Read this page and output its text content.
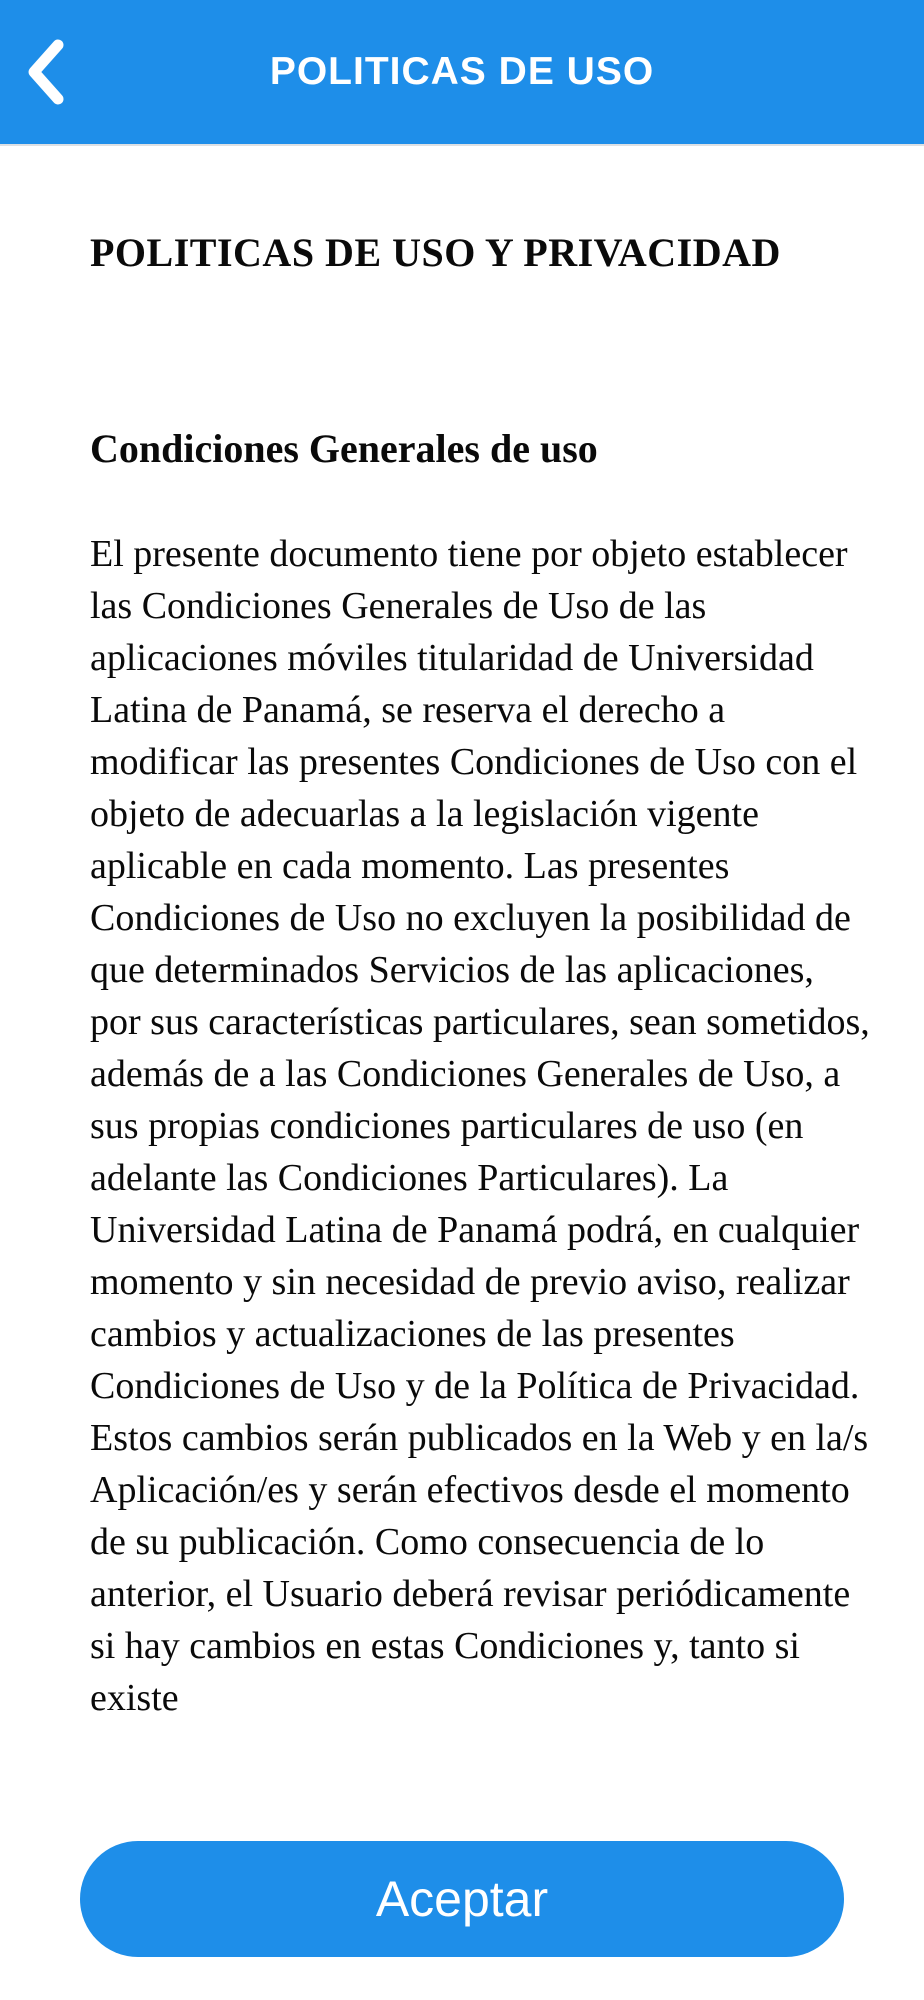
POLITICAS DE USO
POLITICAS DE USO Y PRIVACIDAD
Condiciones Generales de uso

El presente documento tiene por objeto establecer las Condiciones Generales de Uso de las aplicaciones móviles titularidad de Universidad Latina de Panamá, se reserva el derecho a modificar las presentes Condiciones de Uso con el objeto de adecuarlas a la legislación vigente aplicable en cada momento. Las presentes Condiciones de Uso no excluyen la posibilidad de que determinados Servicios de las aplicaciones, por sus características particulares, sean sometidos, además de a las Condiciones Generales de Uso, a sus propias condiciones particulares de uso (en adelante las Condiciones Particulares). La Universidad Latina de Panamá podrá, en cualquier momento y sin necesidad de previo aviso, realizar cambios y actualizaciones de las presentes Condiciones de Uso y de la Política de Privacidad. Estos cambios serán publicados en la Web y en la/s Aplicación/es y serán efectivos desde el momento de su publicación. Como consecuencia de lo anterior, el Usuario deberá revisar periódicamente si hay cambios en estas Condiciones y, tanto si existe

Aceptar
